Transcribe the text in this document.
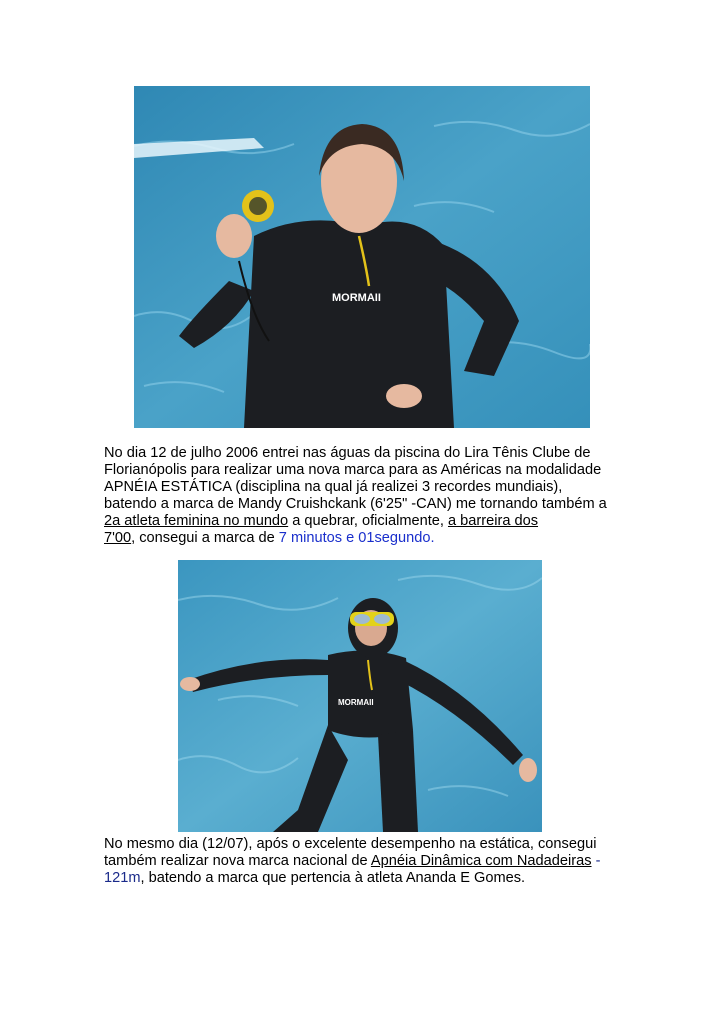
MORMAII

No dia 12 de julho 2006 entrei nas águas da piscina do Lira Tênis Clube de
Florianópolis para realizar uma nova marca para as Américas na modalidade
APNÉIA ESTÁTICA (disciplina na qual já realizei 3 recordes mundiais),
batendo a marca de Mandy Cruishckank (6'25" -CAN) me tornando também a
2a atleta feminina no mundo a quebrar, oficialmente, a barreira dos
7'00, consegui a marca de 7 minutos e 01segundo.

MORMAII

No mesmo dia (12/07), após o excelente desempenho na estática, consegui
também realizar nova marca nacional de Apnéia Dinâmica com Nadadeiras -
121m, batendo a marca que pertencia à atleta Ananda E Gomes.
